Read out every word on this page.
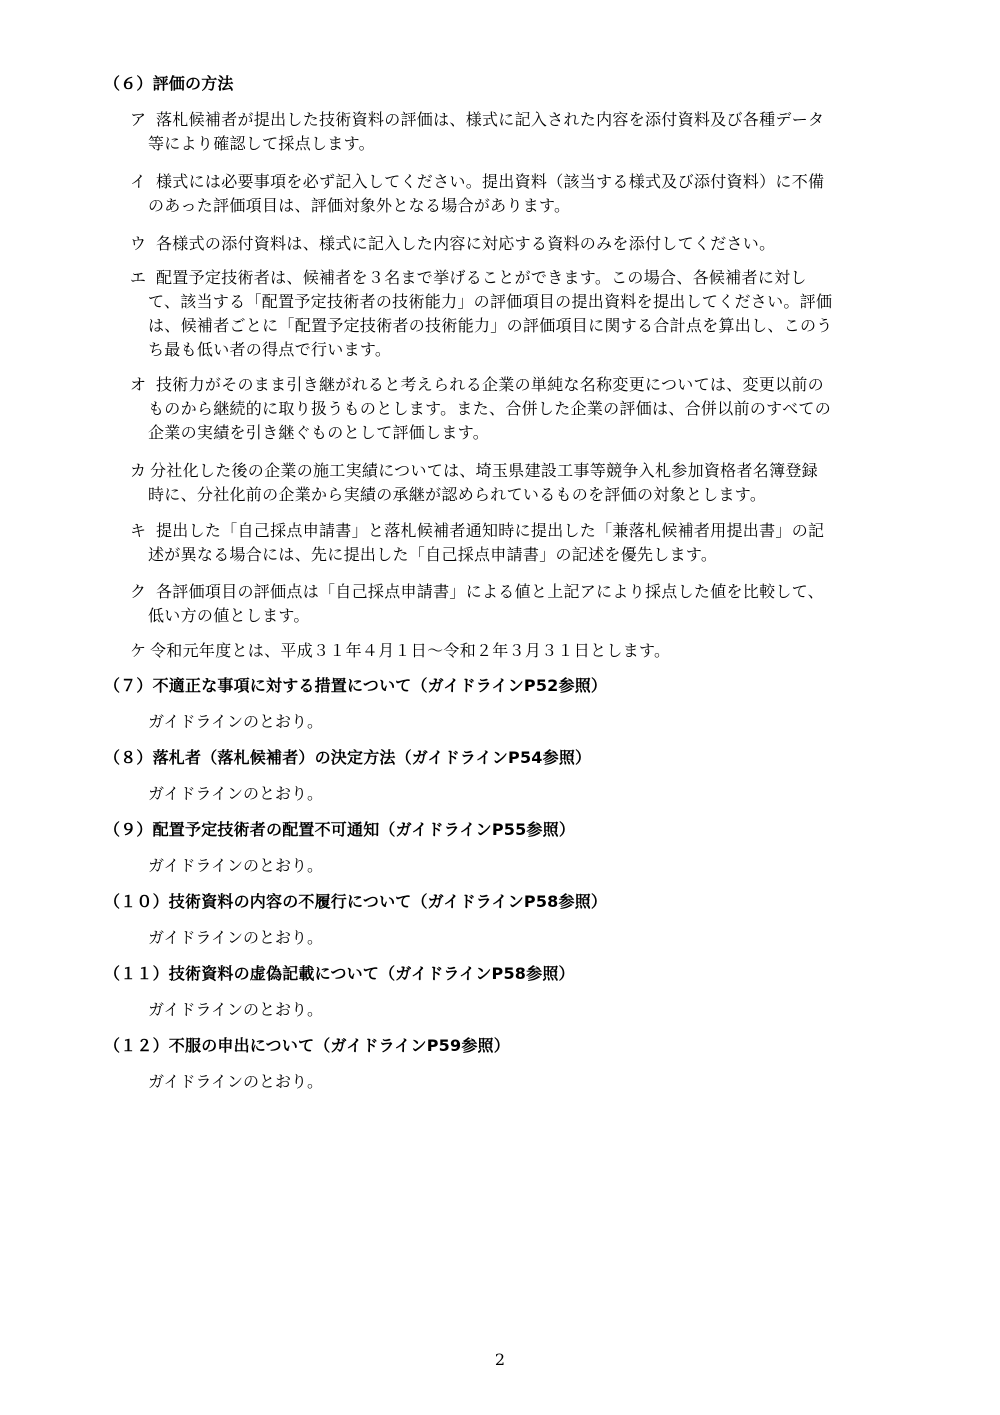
（６）評価の方法
ア 落札候補者が提出した技術資料の評価は、様式に記入された内容を添付資料及び各種データ
等により確認して採点します。
イ 様式には必要事項を必ず記入してください。提出資料（該当する様式及び添付資料）に不備
のあった評価項目は、評価対象外となる場合があります。
ウ 各様式の添付資料は、様式に記入した内容に対応する資料のみを添付してください。
エ 配置予定技術者は、候補者を３名まで挙げることができます。この場合、各候補者に対し
て、該当する「配置予定技術者の技術能力」の評価項目の提出資料を提出してください。評価
は、候補者ごとに「配置予定技術者の技術能力」の評価項目に関する合計点を算出し、このう
ち最も低い者の得点で行います。
オ 技術力がそのまま引き継がれると考えられる企業の単純な名称変更については、変更以前の
ものから継続的に取り扱うものとします。また、合併した企業の評価は、合併以前のすべての
企業の実績を引き継ぐものとして評価します。
カ 分社化した後の企業の施工実績については、埼玉県建設工事等競争入札参加資格者名簿登録
時に、分社化前の企業から実績の承継が認められているものを評価の対象とします。
キ 提出した「自己採点申請書」と落札候補者通知時に提出した「兼落札候補者用提出書」の記
述が異なる場合には、先に提出した「自己採点申請書」の記述を優先します。
ク 各評価項目の評価点は「自己採点申請書」による値と上記アにより採点した値を比較して、
低い方の値とします。
ケ 令和元年度とは、平成３１年４月１日～令和２年３月３１日とします。
（７）不適正な事項に対する措置について（ガイドラインP52参照）
ガイドラインのとおり。
（８）落札者（落札候補者）の決定方法（ガイドラインP54参照）
ガイドラインのとおり。
（９）配置予定技術者の配置不可通知（ガイドラインP55参照）
ガイドラインのとおり。
（１０）技術資料の内容の不履行について（ガイドラインP58参照）
ガイドラインのとおり。
（１１）技術資料の虚偽記載について（ガイドラインP58参照）
ガイドラインのとおり。
（１２）不服の申出について（ガイドラインP59参照）
ガイドラインのとおり。
2
